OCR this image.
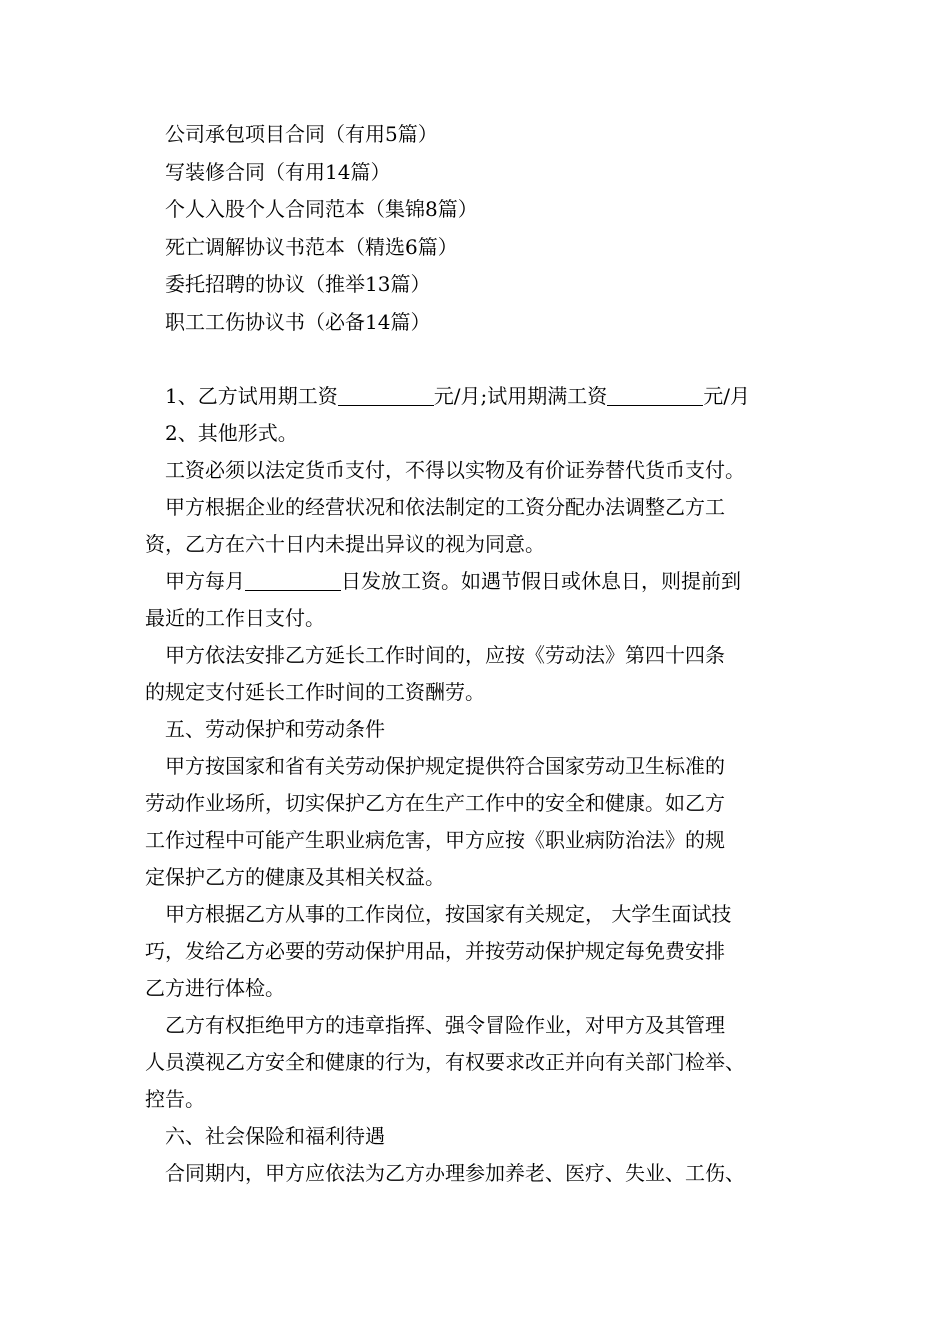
公司承包项目合同（有用5篇）
写装修合同（有用14篇）
个人入股个人合同范本（集锦8篇）
死亡调解协议书范本（精选6篇）
委托招聘的协议（推举13篇）
职工工伤协议书（必备14篇）
1、乙方试用期工资	元/月;试用期满工资	元/月
2、其他形式。
工资必须以法定货币支付，不得以实物及有价证券替代货币支付。
甲方根据企业的经营状况和依法制定的工资分配办法调整乙方工
资，乙方在六十日内未提出异议的视为同意。
甲方每月	日发放工资。如遇节假日或休息日，则提前到
最近的工作日支付。
甲方依法安排乙方延长工作时间的，应按《劳动法》第四十四条
的规定支付延长工作时间的工资酬劳。
五、劳动保护和劳动条件
甲方按国家和省有关劳动保护规定提供符合国家劳动卫生标准的
劳动作业场所，切实保护乙方在生产工作中的安全和健康。如乙方
工作过程中可能产生职业病危害，甲方应按《职业病防治法》的规
定保护乙方的健康及其相关权益。
甲方根据乙方从事的工作岗位，按国家有关规定， 大学生面试技
巧，发给乙方必要的劳动保护用品，并按劳动保护规定每免费安排
乙方进行体检。
乙方有权拒绝甲方的违章指挥、强令冒险作业，对甲方及其管理
人员漠视乙方安全和健康的行为，有权要求改正并向有关部门检举、
控告。
六、社会保险和福利待遇
合同期内，甲方应依法为乙方办理参加养老、医疗、失业、工伤、
